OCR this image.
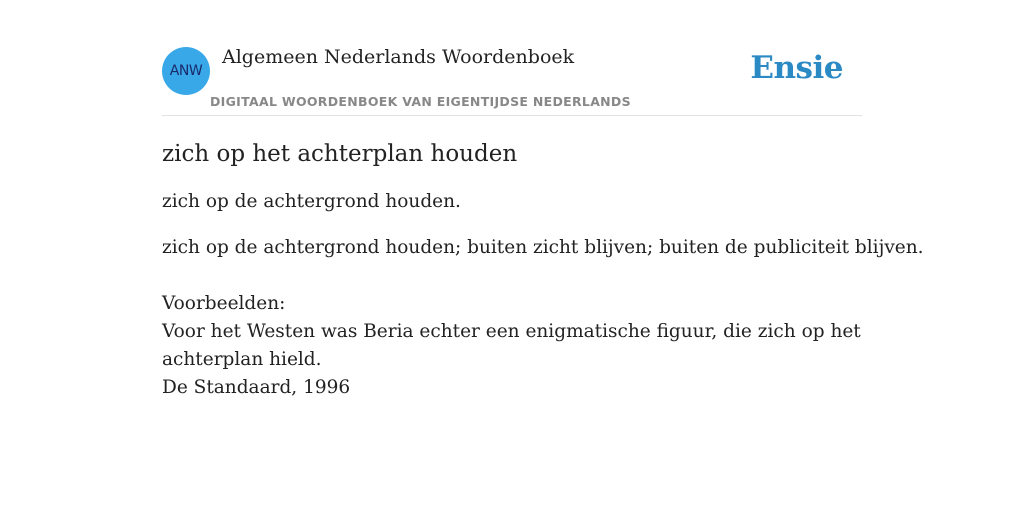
ANW
Algemeen Nederlands Woordenboek
DIGITAAL WOORDENBOEK VAN EIGENTIJDSE NEDERLANDS
Ensie
zich op het achterplan houden

zich op de achtergrond houden.

zich op de achtergrond houden; buiten zicht blijven; buiten de publiciteit blijven.

Voorbeelden:
Voor het Westen was Beria echter een enigmatische figuur, die zich op het achterplan hield.
De Standaard, 1996
